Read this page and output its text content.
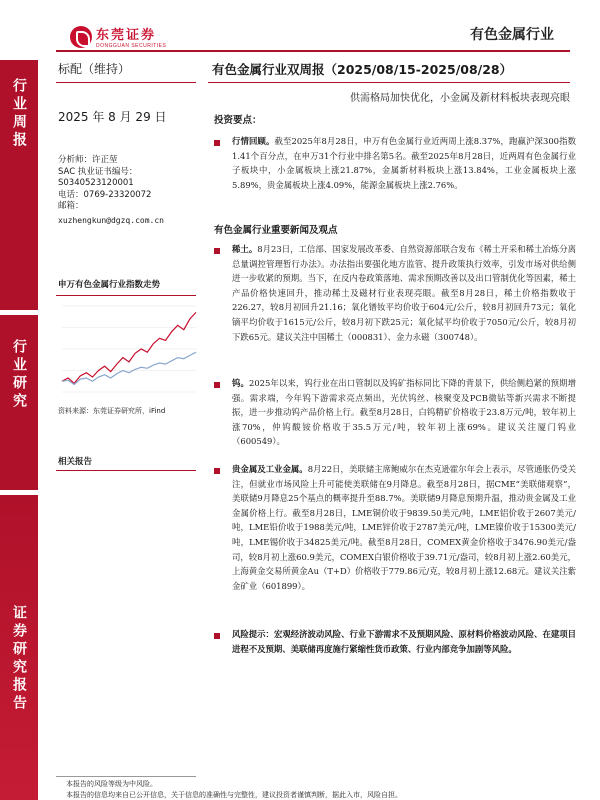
东莞证券
DONGGUAN SECURITIES
有色金属行业
行业周报
行业研究
证券研究报告
标配（维持）
2025 年 8 月 29 日
分析师：许正堃
SAC 执业证书编号：
S0340523120001
电话：0769-23320072
邮箱：
xuzhengkun@dgzq.com.cn
申万有色金属行业指数走势
资料来源：东莞证券研究所，iFind
相关报告
有色金属行业双周报（2025/08/15-2025/08/28）
供需格局加快优化，小金属及新材料板块表现亮眼
投资要点：
有色金属行业重要新闻及观点
行情回顾。截至2025年8月28日，申万有色金属行业近两周上涨8.37%，跑赢沪深300指数1.41个百分点，在申万31个行业中排名第5名。截至2025年8月28日，近两周有色金属行业子板块中，小金属板块上涨21.87%，金属新材料板块上涨13.84%，工业金属板块上涨5.89%，贵金属板块上涨4.09%，能源金属板块上涨2.76%。
稀土。8月23日，工信部、国家发展改革委、自然资源部联合发布《稀土开采和稀土冶炼分离总量调控管理暂行办法》。办法指出要强化地方监管、提升政策执行效率，引发市场对供给侧进一步收紧的预期。当下，在反内卷政策落地、需求预期改善以及出口管制优化等因素，稀土产品价格快速回升，推动稀土及磁材行业表现亮眼。截至8月28日，稀土价格指数收于226.27，较8月初回升21.16；氧化镨钕平均价收于604元/公斤，较8月初回升73元；氧化镝平均价收于1615元/公斤，较8月初下跌25元；氧化铽平均价收于7050元/公斤，较8月初下跌65元。建议关注中国稀土（000831）、金力永磁（300748）。
钨。2025年以来，钨行业在出口管制以及钨矿指标同比下降的背景下，供给侧趋紧的预期增强。需求端，今年钨下游需求亮点频出，光伏钨丝、核聚变及PCB微钻等新兴需求不断提振，进一步推动钨产品价格上行。截至8月28日，白钨精矿价格收于23.8万元/吨，较年初上涨70%，仲钨酸铵价格收于35.5万元/吨，较年初上涨69%。建议关注厦门钨业（600549）。
贵金属及工业金属。8月22日，美联储主席鲍威尔在杰克逊霍尔年会上表示，尽管通胀仍受关注，但就业市场风险上升可能使美联储在9月降息。截至8月28日，据CME“美联储观察”，美联储9月降息25个基点的概率提升至88.7%。美联储9月降息预期升温，推动贵金属及工业金属价格上行。截至8月28日，LME铜价收于9839.50美元/吨，LME铝价收于2607美元/吨，LME铅价收于1988美元/吨，LME锌价收于2787美元/吨，LME镍价收于15300美元/吨，LME锡价收于34825美元/吨。截至8月28日，COMEX黄金价格收于3476.90美元/盎司，较8月初上涨60.9美元，COMEX白银价格收于39.71元/盎司，较8月初上涨2.60美元，上海黄金交易所黄金Au（T+D）价格收于779.86元/克，较8月初上涨12.68元。建议关注紫金矿业（601899）。
风险提示：宏观经济波动风险、行业下游需求不及预期风险、原材料价格波动风险、在建项目进程不及预期、美联储再度施行紧缩性货币政策、行业内部竞争加剧等风险。
本报告的风险等级为中风险。
本报告的信息均来自已公开信息，关于信息的准确性与完整性，建议投资者谨慎判断，据此入市，风险自担。
